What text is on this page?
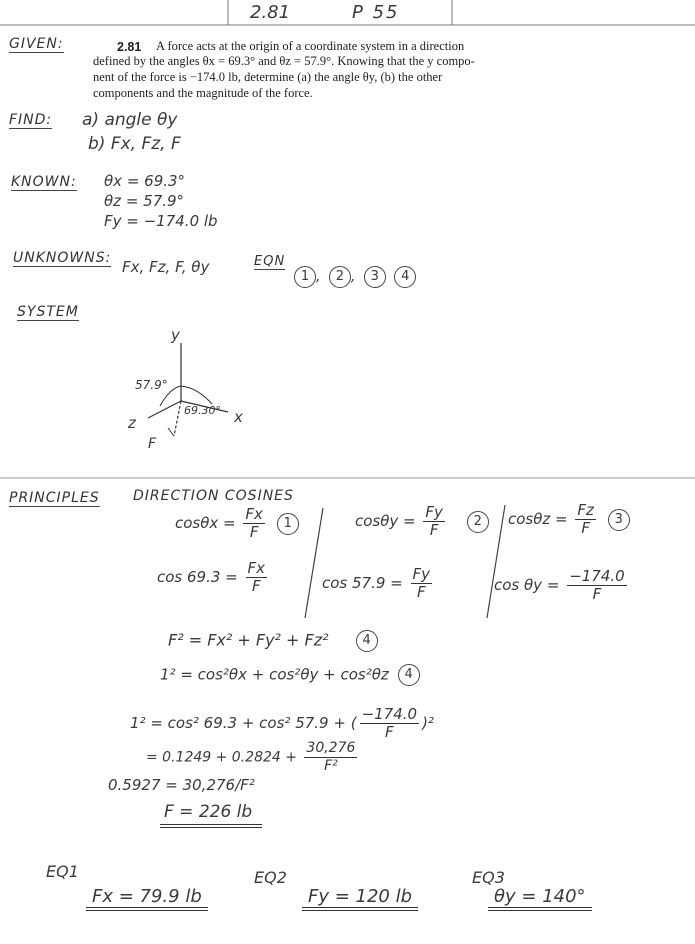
2.81	P 55
GIVEN:	2.81 A force acts at the origin of a coordinate system in a direction
defined by the angles θx = 69.3° and θz = 57.9°. Knowing that the y compo-
nent of the force is −174.0 lb, determine (a) the angle θy, (b) the other
components and the magnitude of the force.
FIND: a) angle θy
b) Fx, Fz, F
KNOWN: θx = 69.3°
θz = 57.9°
Fy = −174.0 lb
UNKNOWNS: Fx, Fz, F, θy	EQN
1 , 2 , 3 4
SYSTEM
y
x
z
F
57.9°
69.30°
PRINCIPLES DIRECTION COSINES
$\cos\theta x = \frac{Fx}{F} 1$	$\cos\theta y = \frac{Fy}{F} 2$	$\cos\theta z = \frac{Fz}{F} 3$
$\cos 69.3 = \frac{Fx}{F}$	$\cos 57.9 = \frac{Fy}{F}$	$\cos \theta y = \frac{-174.0}{F}$
F² = Fx² + Fy² + Fz²	4
1² = cos²θx + cos²θy + cos²θz 4
1² = cos² 69.3 + cos² 57.9 + ( $\frac{-174.0}{F} )^2$
= $0.1249 + 0.2824 + \frac{30,276}{\text{F²}}$
0.5927 = 30,276/F²
F = 226 lb
EQ1
Fx = 79.9 lb
EQ2
Fy = 120 lb
EQ3
θy = 140°
